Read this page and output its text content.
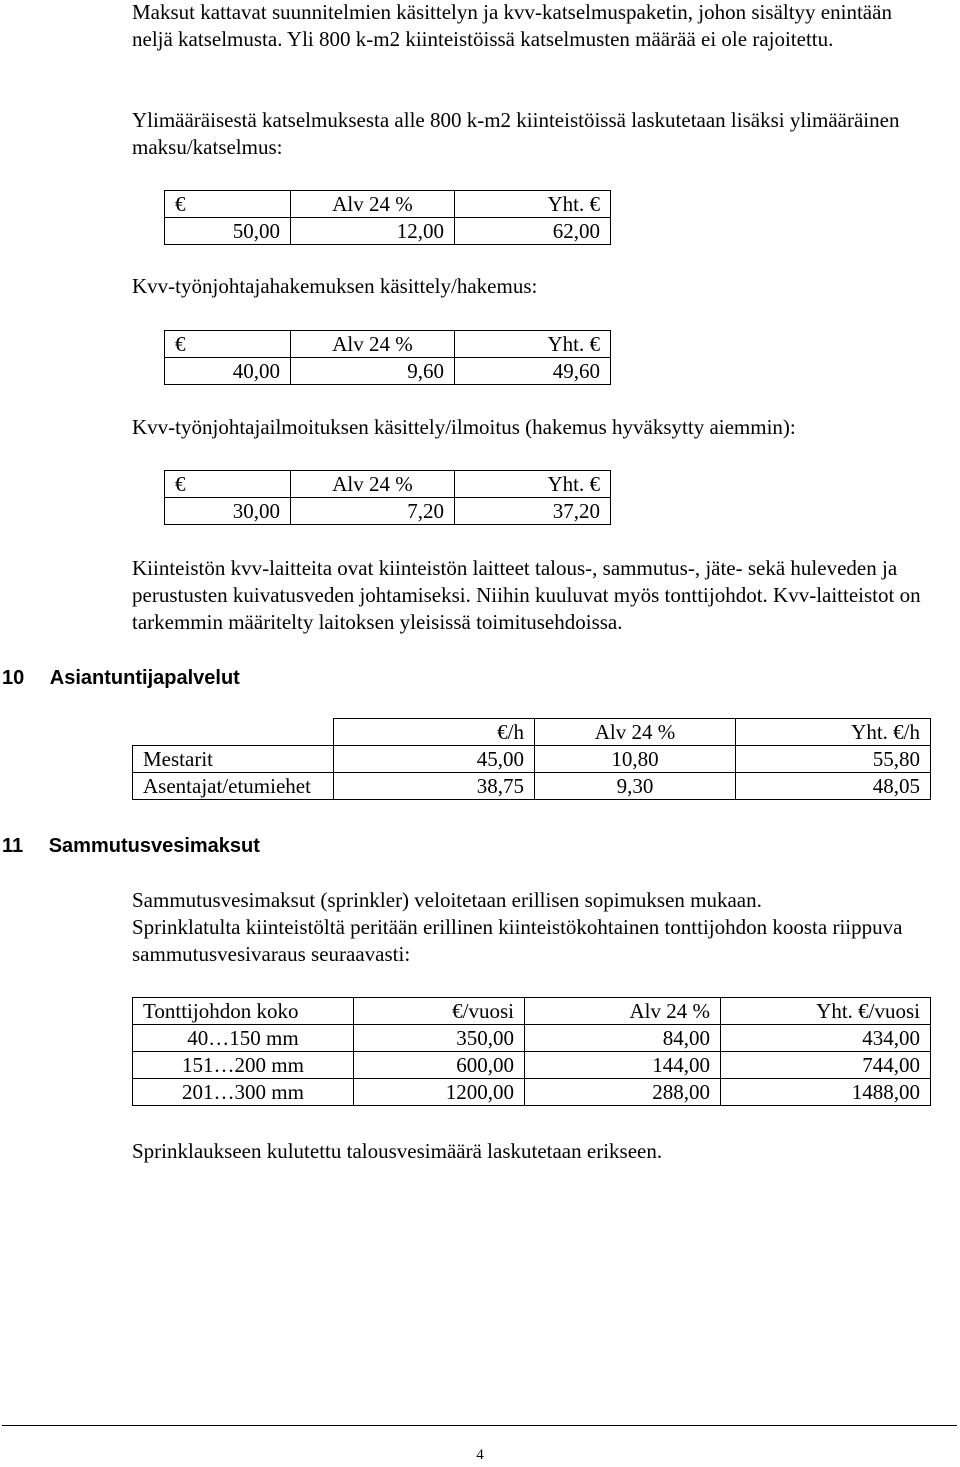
Maksut kattavat suunnitelmien käsittelyn ja kvv-katselmuspaketin, johon sisältyy enintään neljä katselmusta. Yli 800 k-m2 kiinteistöissä katselmusten määrää ei ole rajoitettu.

Ylimääräisestä katselmuksesta alle 800 k-m2 kiinteistöissä laskutetaan lisäksi ylimääräinen maksu/katselmus:

€	Alv 24 %	Yht. €
50,00	12,00	62,00

Kvv-työnjohtajahakemuksen käsittely/hakemus:

€	Alv 24 %	Yht. €
40,00	9,60	49,60

Kvv-työnjohtajailmoituksen käsittely/ilmoitus (hakemus hyväksytty aiemmin):

€	Alv 24 %	Yht. €
30,00	7,20	37,20

Kiinteistön kvv-laitteita ovat kiinteistön laitteet talous-, sammutus-, jäte- sekä huleveden ja perustusten kuivatusveden johtamiseksi. Niihin kuuluvat myös tonttijohdot. Kvv-laitteistot on tarkemmin määritelty laitoksen yleisissä toimitusehdoissa.

10  Asiantuntijapalvelut
	€/h	Alv 24 %	Yht. €/h
Mestarit	45,00	10,80	55,80
Asentajat/etumiehet	38,75	9,30	48,05
11  Sammutusvesimaksut

Sammutusvesimaksut (sprinkler) veloitetaan erillisen sopimuksen mukaan.

Sprinklatulta kiinteistöltä peritään erillinen kiinteistökohtainen tonttijohdon koosta riippuva sammutusvesivaraus seuraavasti:

Tonttijohdon koko	€/vuosi	Alv 24 %	Yht. €/vuosi
40…150 mm	350,00	84,00	434,00
151…200 mm	600,00	144,00	744,00
201…300 mm	1200,00	288,00	1488,00

Sprinklaukseen kulutettu talousvesimäärä laskutetaan erikseen.

4
